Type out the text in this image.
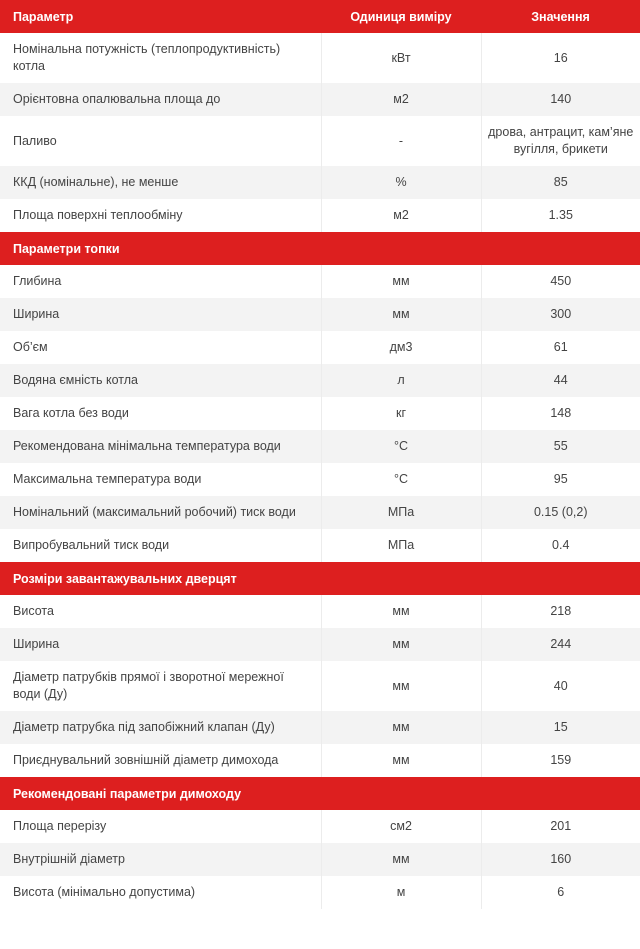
Параметр	Одиниця виміру	Значення
Номінальна потужність (теплопродуктивність) котла	кВт	16
Орієнтовна опалювальна площа до	м2	140
Паливо	-	дрова, антрацит, кам’яне вугілля, брикети
ККД (номінальне), не менше	%	85
Площа поверхні теплообміну	м2	1.35
Параметри топки		
Глибина	мм	450
Ширина	мм	300
Об’єм	дм3	61
Водяна ємність котла	л	44
Вага котла без води	кг	148
Рекомендована мінімальна температура води	°С	55
Максимальна температура води	°С	95
Номінальний (максимальний робочий) тиск води	МПа	0.15 (0,2)
Випробувальний тиск води	МПа	0.4
Розміри завантажувальних дверцят		
Висота	мм	218
Ширина	мм	244
Діаметр патрубків прямої і зворотної мережної води (Ду)	мм	40
Діаметр патрубка під запобіжний клапан (Ду)	мм	15
Приєднувальний зовнішній діаметр димохода	мм	159
Рекомендовані параметри димоходу		
Площа перерізу	см2	201
Внутрішній діаметр	мм	160
Висота (мінімально допустима)	м	6
